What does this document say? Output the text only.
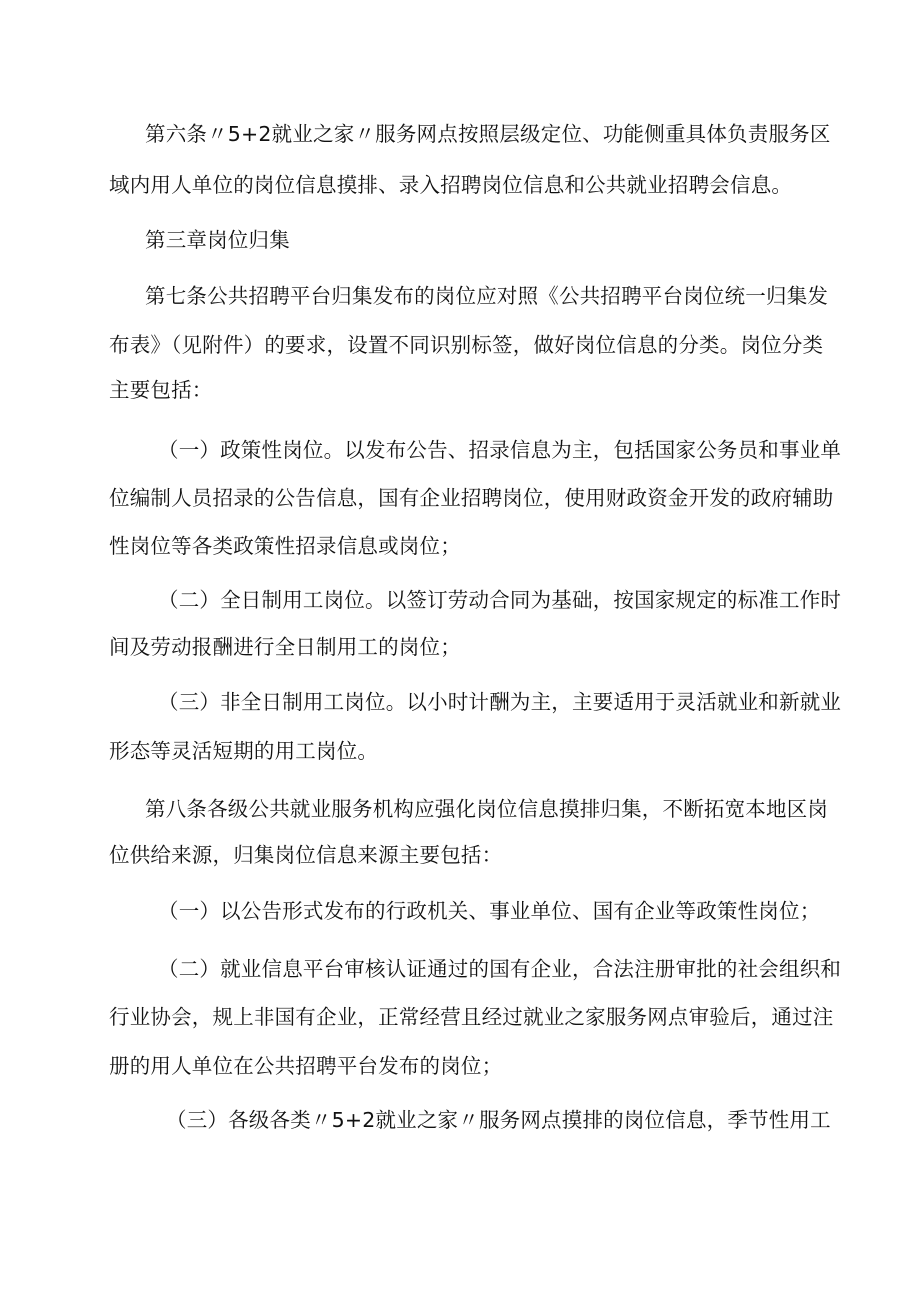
第六条〃5+2就业之家〃服务网点按照层级定位、功能侧重具体负责服务区
域内用人单位的岗位信息摸排、录入招聘岗位信息和公共就业招聘会信息。
第三章岗位归集
第七条公共招聘平台归集发布的岗位应对照《公共招聘平台岗位统一归集发
布表》（见附件）的要求，设置不同识别标签，做好岗位信息的分类。岗位分类
主要包括：
（一）政策性岗位。以发布公告、招录信息为主，包括国家公务员和事业单
位编制人员招录的公告信息，国有企业招聘岗位，使用财政资金开发的政府辅助
性岗位等各类政策性招录信息或岗位；
（二）全日制用工岗位。以签订劳动合同为基础，按国家规定的标准工作时
间及劳动报酬进行全日制用工的岗位；
（三）非全日制用工岗位。以小时计酬为主，主要适用于灵活就业和新就业
形态等灵活短期的用工岗位。
第八条各级公共就业服务机构应强化岗位信息摸排归集，不断拓宽本地区岗
位供给来源，归集岗位信息来源主要包括：
（一）以公告形式发布的行政机关、事业单位、国有企业等政策性岗位；
（二）就业信息平台审核认证通过的国有企业，合法注册审批的社会组织和
行业协会，规上非国有企业，正常经营且经过就业之家服务网点审验后，通过注
册的用人单位在公共招聘平台发布的岗位；
（三）各级各类〃5+2就业之家〃服务网点摸排的岗位信息，季节性用工
